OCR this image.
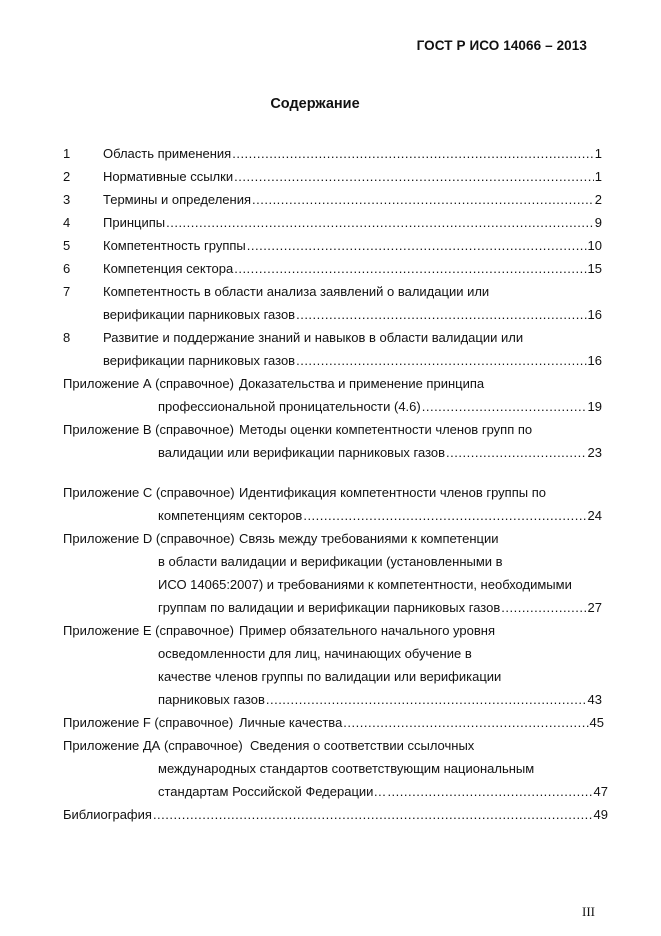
ГОСТ Р ИСО 14066 – 2013
Содержание
1	Область применения .....	1
2	Нормативные ссылки .....	1
3	Термины и определения .....	2
4	Принципы .....	9
5	Компетентность группы .....	10
6	Компетенция сектора .....	15
7	Компетентность в области анализа заявлений о валидации или
верификации парниковых газов .....	16
8	Развитие и поддержание знаний и навыков в области валидации или
верификации парниковых газов .....	16
Приложение А (справочное) Доказательства и применение принципа
профессиональной проницательности (4.6) .....	19
Приложение В (справочное) Методы оценки компетентности членов групп по
валидации или верификации парниковых газов .....	23
Приложение С (справочное) Идентификация компетентности членов группы по
компетенциям секторов .....	24
Приложение D (справочное) Связь между требованиями к компетенции
в области валидации и верификации (установленными в
ИСО 14065:2007) и требованиями к компетентности, необходимыми
группам по валидации и верификации парниковых газов .....	27
Приложение Е (справочное) Пример обязательного начального уровня
осведомленности для лиц, начинающих обучение в
качестве членов группы по валидации или верификации
парниковых газов .....	43
Приложение F (справочное) Личные качества .....	45
Приложение ДА (справочное) Сведения о соответствии ссылочных
международных стандартов соответствующим национальным
стандартам Российской Федерации… .....	47
Библиография .....	49
III
